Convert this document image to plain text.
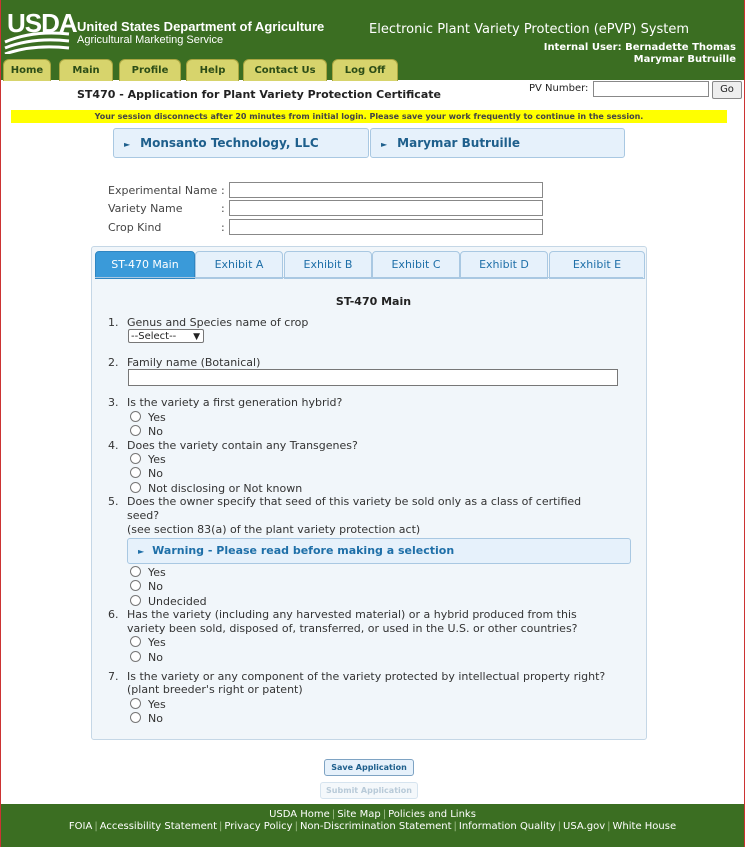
USDA United States Department of Agriculture
Agricultural Marketing Service
Electronic Plant Variety Protection (ePVP) System
Internal User: Bernadette Thomas
Marymar Butruille
Home	Main	Profile	Help	Contact Us	Log Off
ST470 - Application for Plant Variety Protection Certificate	PV Number:	Go
Your session disconnects after 20 minutes from initial login. Please save your work frequently to continue in the session.
► Monsanto Technology, LLC	► Marymar Butruille
Experimental Name :
Variety Name	:
Crop Kind	:
ST-470 Main	Exhibit A	Exhibit B	Exhibit C	Exhibit D	Exhibit E
ST-470 Main
1. Genus and Species name of crop
--Select-- ▼
2. Family name (Botanical)
3. Is the variety a first generation hybrid?
Yes
No
4. Does the variety contain any Transgenes?
Yes
No
Not disclosing or Not known
5. Does the owner specify that seed of this variety be sold only as a class of certified
seed?
(see section 83(a) of the plant variety protection act)
► Warning - Please read before making a selection
Yes
No
Undecided
6. Has the variety (including any harvested material) or a hybrid produced from this
variety been sold, disposed of, transferred, or used in the U.S. or other countries?
Yes
No
7. Is the variety or any component of the variety protected by intellectual property right?
(plant breeder's right or patent)
Yes
No
Save Application
Submit Application
USDA Home | Site Map | Policies and Links
FOIA | Accessibility Statement | Privacy Policy | Non-Discrimination Statement | Information Quality | USA.gov | White House
